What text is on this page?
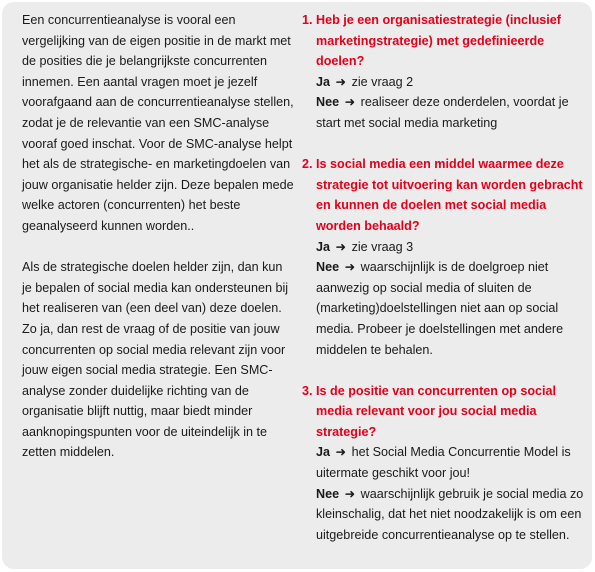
Een concurrentieanalyse is vooral een vergelijking van de eigen positie in de markt met de posities die je belangrijkste concurrenten innemen. Een aantal vragen moet je jezelf voorafgaand aan de concurrentieanalyse stellen, zodat je de relevantie van een SMC-analyse vooraf goed inschat. Voor de SMC-analyse helpt het als de strategische- en marketingdoelen van jouw organisatie helder zijn. Deze bepalen mede welke actoren (concurrenten) het beste geanalyseerd kunnen worden..

Als de strategische doelen helder zijn, dan kun je bepalen of social media kan ondersteunen bij het realiseren van (een deel van) deze doelen. Zo ja, dan rest de vraag of de positie van jouw concurrenten op social media relevant zijn voor jouw eigen social media strategie. Een SMC-analyse zonder duidelijke richting van de organisatie blijft nuttig, maar biedt minder aanknopingspunten voor de uiteindelijk in te zetten middelen.

1. Heb je een organisatiestrategie (inclusief marketingstrategie) met gedefinieerde doelen?
Ja ➜ zie vraag 2
Nee ➜ realiseer deze onderdelen, voordat je start met social media marketing
2. Is social media een middel waarmee deze strategie tot uitvoering kan worden gebracht en kunnen de doelen met social media worden behaald?
Ja ➜ zie vraag 3
Nee ➜ waarschijnlijk is de doelgroep niet aanwezig op social media of sluiten de (marketing)doelstellingen niet aan op social media. Probeer je doelstellingen met andere middelen te behalen.
3. Is de positie van concurrenten op social media relevant voor jou social media strategie?
Ja ➜ het Social Media Concurrentie Model is uitermate geschikt voor jou!
Nee ➜ waarschijnlijk gebruik je social media zo kleinschalig, dat het niet noodzakelijk is om een uitgebreide concurrentieanalyse op te stellen.
